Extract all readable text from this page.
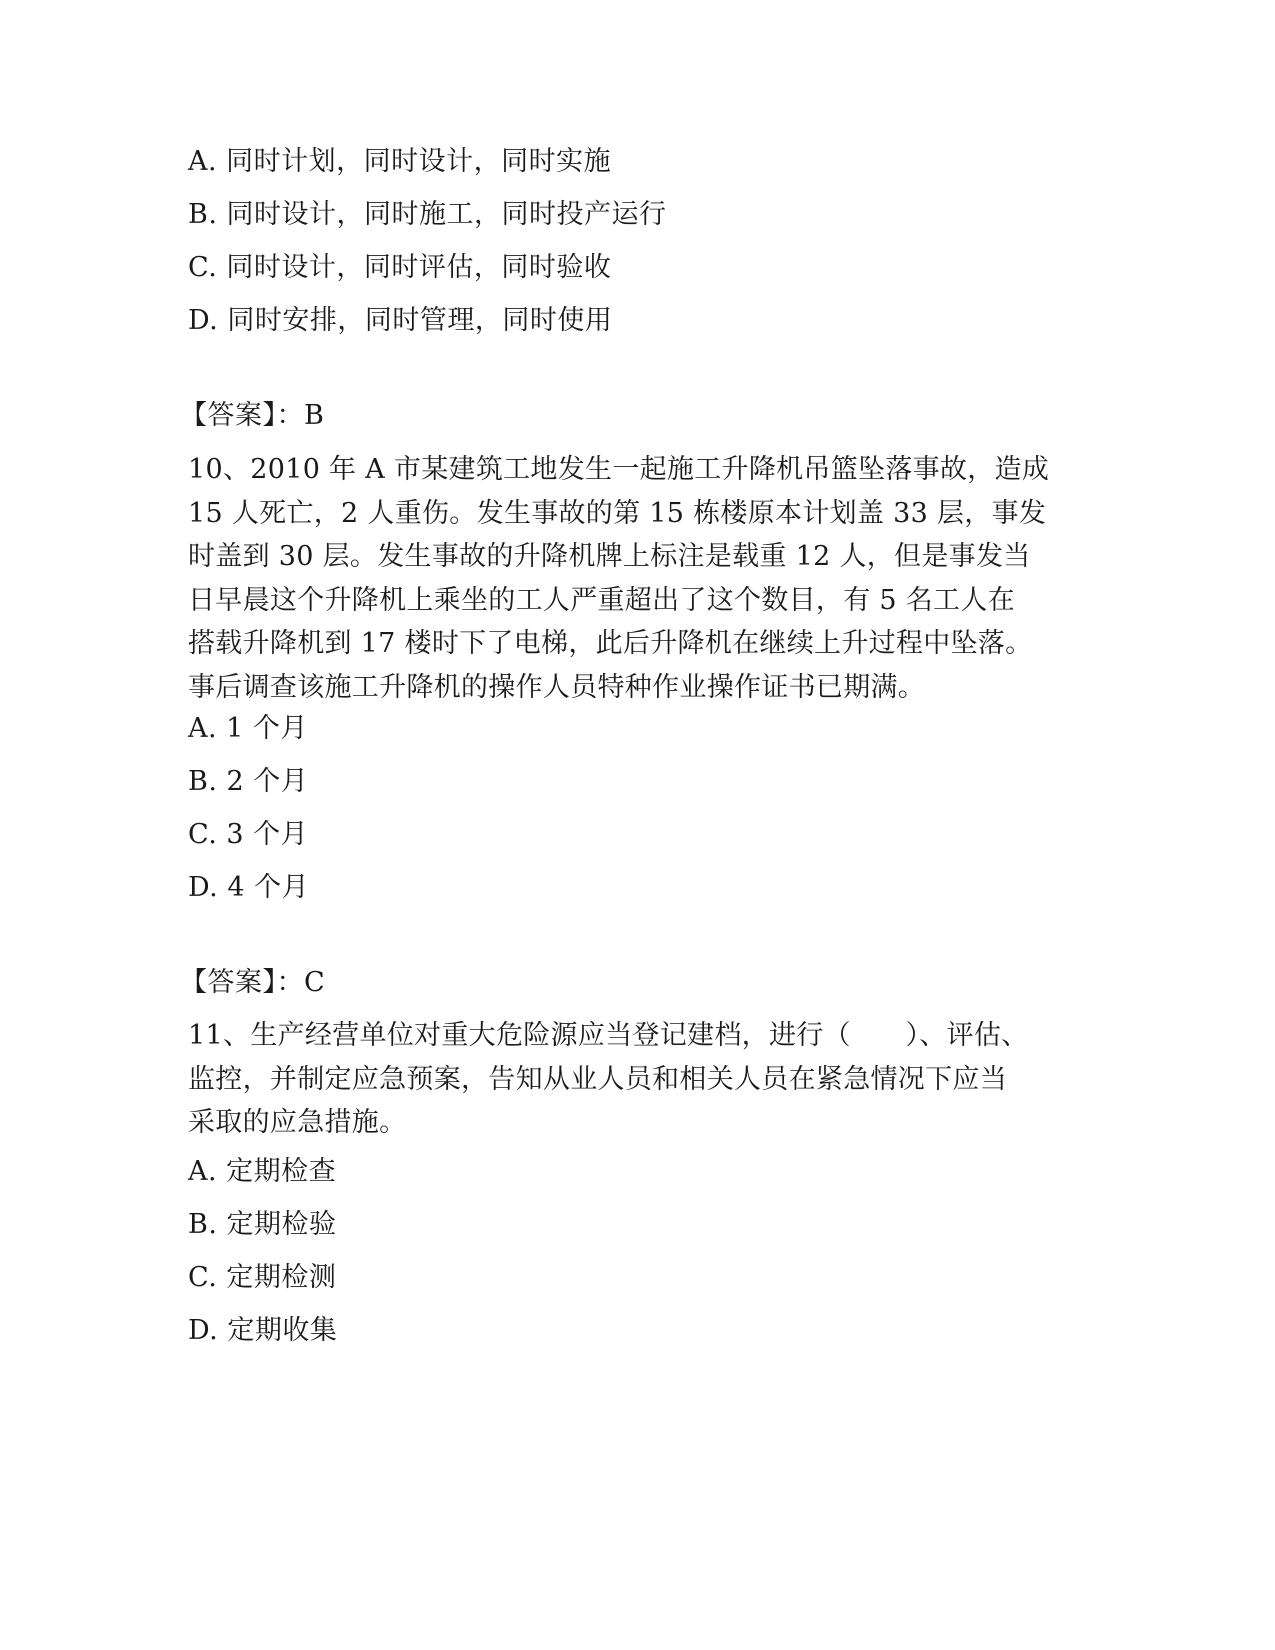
A. 同时计划，同时设计，同时实施
B. 同时设计，同时施工，同时投产运行
C. 同时设计，同时评估，同时验收
D. 同时安排，同时管理，同时使用
【答案】：B
10、2010 年 A 市某建筑工地发生一起施工升降机吊篮坠落事故，造成
15 人死亡，2 人重伤。发生事故的第 15 栋楼原本计划盖 33 层，事发
时盖到 30 层。发生事故的升降机牌上标注是载重 12 人，但是事发当
日早晨这个升降机上乘坐的工人严重超出了这个数目，有 5 名工人在
搭载升降机到 17 楼时下了电梯，此后升降机在继续上升过程中坠落。
事后调查该施工升降机的操作人员特种作业操作证书已期满。
A. 1 个月
B. 2 个月
C. 3 个月
D. 4 个月
【答案】：C
11、生产经营单位对重大危险源应当登记建档，进行（　　）、评估、
监控，并制定应急预案，告知从业人员和相关人员在紧急情况下应当
采取的应急措施。
A. 定期检查
B. 定期检验
C. 定期检测
D. 定期收集
